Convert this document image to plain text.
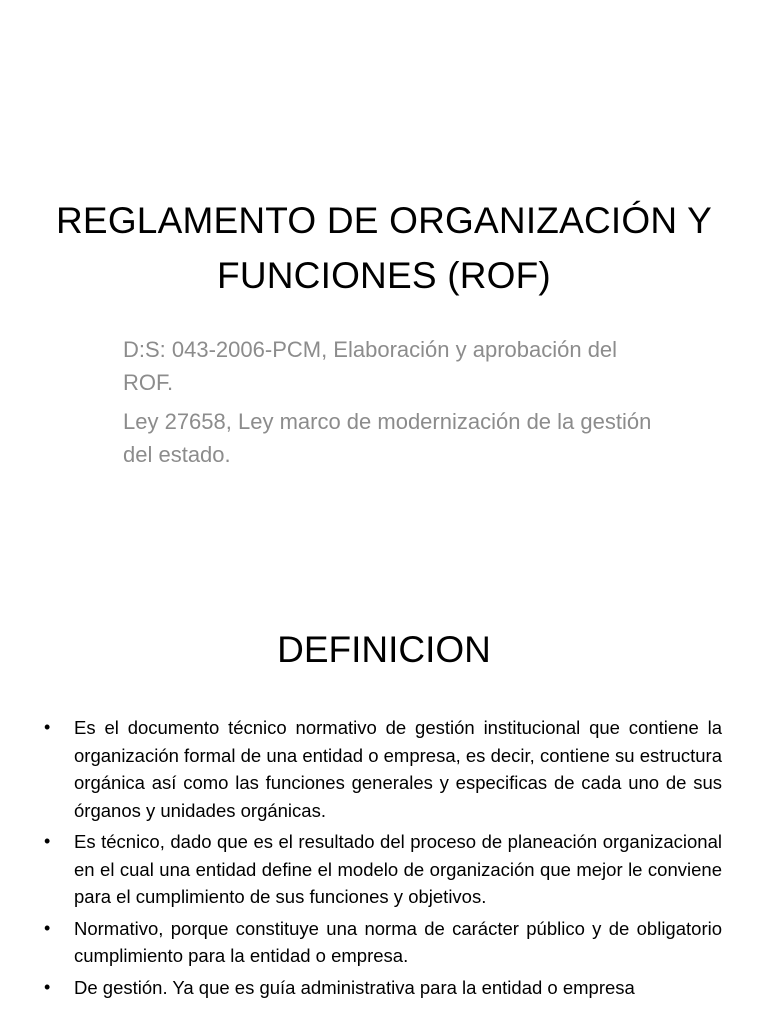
REGLAMENTO DE ORGANIZACIÓN Y FUNCIONES (ROF)

D:S: 043-2006-PCM, Elaboración y aprobación del ROF.

Ley 27658, Ley marco de modernización de la gestión del estado.

DEFINICION
• Es el documento técnico normativo de gestión institucional que contiene la organización formal de una entidad o empresa, es decir, contiene su estructura orgánica así como las funciones generales y especificas de cada uno de sus órganos y unidades orgánicas.
• Es técnico, dado que es el resultado del proceso de planeación organizacional en el cual una entidad define el modelo de organización que mejor le conviene para el cumplimiento de sus funciones y objetivos.
• Normativo, porque constituye una norma de carácter público y de obligatorio cumplimiento para la entidad o empresa.
• De gestión. Ya que es guía administrativa para la entidad o empresa
